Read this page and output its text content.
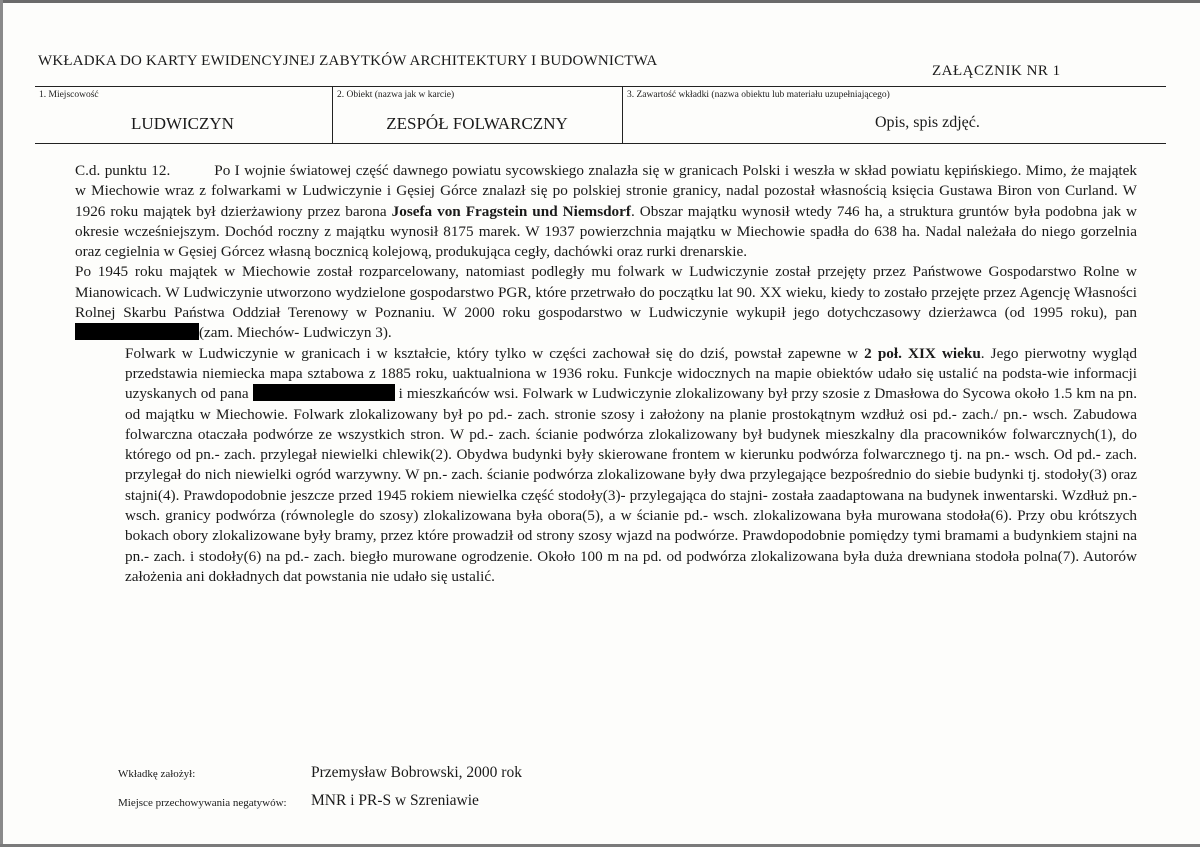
WKŁADKA DO KARTY EWIDENCYJNEJ ZABYTKÓW ARCHITEKTURY I BUDOWNICTWA
ZAŁĄCZNIK NR 1
1. Miejscowość
LUDWICZYN
2. Obiekt (nazwa jak w karcie)
ZESPÓŁ FOLWARCZNY
3. Zawartość wkładki (nazwa obiektu lub materiału uzupełniającego)
Opis, spis zdjęć.

C.d. punktu 12.	Po I wojnie światowej część dawnego powiatu sycowskiego znalazła się w granicach Polski i weszła w skład powiatu kępińskiego. Mimo, że majątek w Miechowie wraz z folwarkami w Ludwiczynie i Gęsiej Górce znalazł się po polskiej stronie granicy, nadal pozostał własnością księcia Gustawa Biron von Curland. W 1926 roku majątek był dzierżawiony przez barona Josefa von Fragstein und Niemsdorf. Obszar majątku wynosił wtedy 746 ha, a struktura gruntów była podobna jak w okresie wcześniejszym. Dochód roczny z majątku wynosił 8175 marek. W 1937 powierzchnia majątku w Miechowie spadła do 638 ha. Nadal należała do niego gorzelnia oraz cegielnia w Gęsiej Górcez własną bocznicą kolejową, produkująca cegły, dachówki oraz rurki drenarskie.

Po 1945 roku majątek w Miechowie został rozparcelowany, natomiast podległy mu folwark w Ludwiczynie został przejęty przez Państwowe Gospodarstwo Rolne w Mianowicach. W Ludwiczynie utworzono wydzielone gospodarstwo PGR, które przetrwało do początku lat 90. XX wieku, kiedy to zostało przejęte przez Agencję Własności Rolnej Skarbu Państwa Oddział Terenowy w Poznaniu. W 2000 roku gospodarstwo w Ludwiczynie wykupił jego dotychczasowy dzierżawca (od 1995 roku), pan (zam. Miechów- Ludwiczyn 3).

Folwark w Ludwiczynie w granicach i w kształcie, który tylko w części zachował się do dziś, powstał zapewne w 2 poł. XIX wieku. Jego pierwotny wygląd przedstawia niemiecka mapa sztabowa z 1885 roku, uaktualniona w 1936 roku. Funkcje widocznych na mapie obiektów udało się ustalić na podsta-wie informacji uzyskanych od pana	i mieszkańców wsi. Folwark w Ludwiczynie zlokalizowany był przy szosie z Dmasłowa do Sycowa około 1.5 km na pn. od majątku w Miechowie. Folwark zlokalizowany był po pd.- zach. stronie szosy i założony na planie prostokątnym wzdłuż osi pd.- zach./ pn.- wsch. Zabudowa folwarczna otaczała podwórze ze wszystkich stron. W pd.- zach. ścianie podwórza zlokalizowany był budynek mieszkalny dla pracowników folwarcznych(1), do którego od pn.- zach. przylegał niewielki chlewik(2). Obydwa budynki były skierowane frontem w kierunku podwórza folwarcznego tj. na pn.- wsch. Od pd.- zach. przylegał do nich niewielki ogród warzywny. W pn.- zach. ścianie podwórza zlokalizowane były dwa przylegające bezpośrednio do siebie budynki tj. stodoły(3) oraz stajni(4). Prawdopodobnie jeszcze przed 1945 rokiem niewielka część stodoły(3)- przylegająca do stajni- została zaadaptowana na budynek inwentarski. Wzdłuż pn.- wsch. granicy podwórza (równolegle do szosy) zlokalizowana była obora(5), a w ścianie pd.- wsch. zlokalizowana była murowana stodoła(6). Przy obu krótszych bokach obory zlokalizowane były bramy, przez które prowadził od strony szosy wjazd na podwórze. Prawdopodobnie pomiędzy tymi bramami a budynkiem stajni na pn.- zach. i stodoły(6) na pd.- zach. biegło murowane ogrodzenie. Około 100 m na pd. od podwórza zlokalizowana była duża drewniana stodoła polna(7). Autorów założenia ani dokładnych dat powstania nie udało się ustalić.

Wkładkę założył:	Przemysław Bobrowski, 2000 rok
Miejsce przechowywania negatywów: MNR i PR-S w Szreniawie
